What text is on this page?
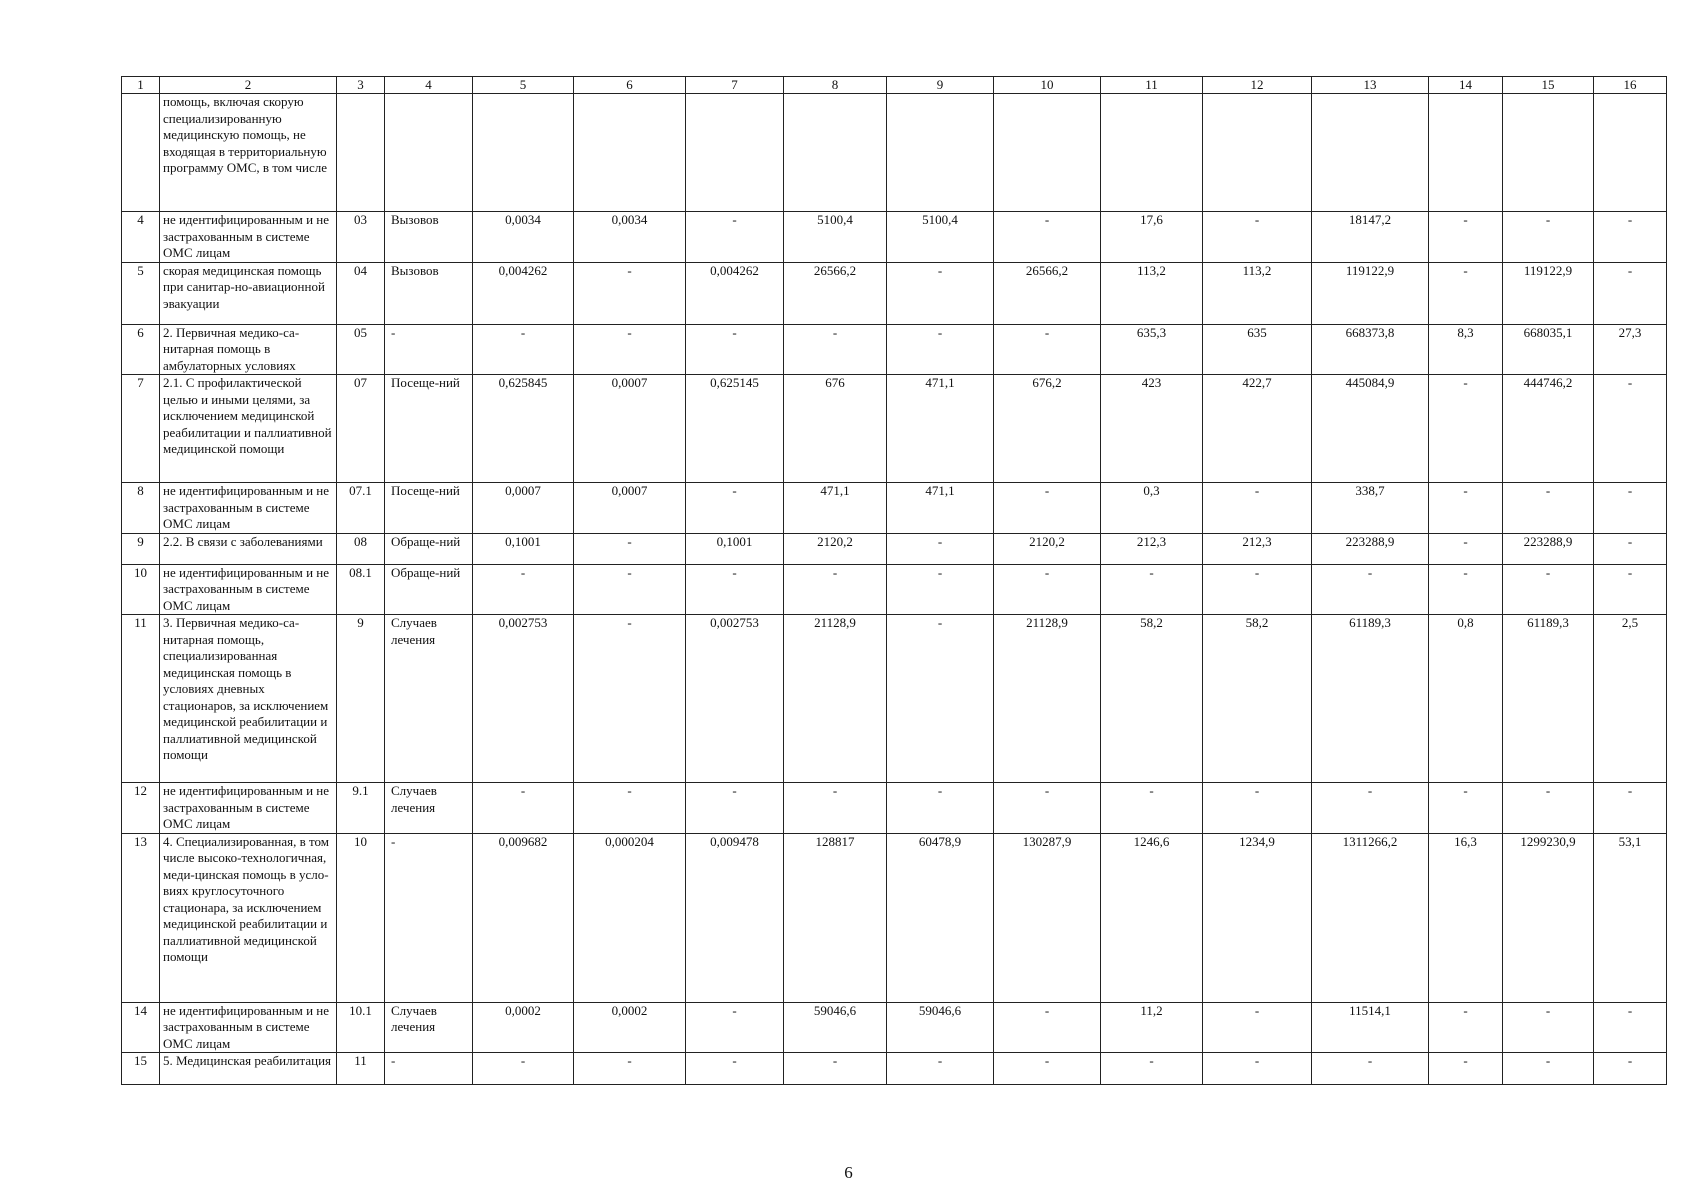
1	2	3	4	5	6	7	8	9	10	11	12	13	14	15	16
	помощь, включая скорую специализированную медицинскую помощь, не входящая в территориальную программу ОМС, в том числе														
4	не идентифицированным и не застрахованным в системе ОМС лицам	03	Вызовов	0,0034	0,0034	-	5100,4	5100,4	-	17,6	-	18147,2	-	-	-
5	скорая медицинская помощь при санитар-но-авиационной эвакуации	04	Вызовов	0,004262	-	0,004262	26566,2	-	26566,2	113,2	113,2	119122,9	-	119122,9	-
6	2. Первичная медико-са-нитарная помощь в амбулаторных условиях	05	-	-	-	-	-	-	-	635,3	635	668373,8	8,3	668035,1	27,3
7	2.1. С профилактической целью и иными целями, за исключением медицинской реабилитации и паллиативной медицинской помощи	07	Посеще-ний	0,625845	0,0007	0,625145	676	471,1	676,2	423	422,7	445084,9	-	444746,2	-
8	не идентифицированным и не застрахованным в системе ОМС лицам	07.1	Посеще-ний	0,0007	0,0007	-	471,1	471,1	-	0,3	-	338,7	-	-	-
9	2.2. В связи с заболеваниями	08	Обраще-ний	0,1001	-	0,1001	2120,2	-	2120,2	212,3	212,3	223288,9	-	223288,9	-
10	не идентифицированным и не застрахованным в системе ОМС лицам	08.1	Обраще-ний	-	-	-	-	-	-	-	-	-	-	-	-
11	3. Первичная медико-са-нитарная помощь, специализированная медицинская помощь в условиях дневных стационаров, за исключением медицинской реабилитации и паллиативной медицинской помощи	9	Случаев лечения	0,002753	-	0,002753	21128,9	-	21128,9	58,2	58,2	61189,3	0,8	61189,3	2,5
12	не идентифицированным и не застрахованным в системе ОМС лицам	9.1	Случаев лечения	-	-	-	-	-	-	-	-	-	-	-	-
13	4. Специализированная, в том числе высоко-технологичная, меди-цинская помощь в усло-виях круглосуточного стационара, за исключением медицинской реабилитации и паллиативной медицинской помощи	10	-	0,009682	0,000204	0,009478	128817	60478,9	130287,9	1246,6	1234,9	1311266,2	16,3	1299230,9	53,1
14	не идентифицированным и не застрахованным в системе ОМС лицам	10.1	Случаев лечения	0,0002	0,0002	-	59046,6	59046,6	-	11,2	-	11514,1	-	-	-
15	5. Медицинская реабилитация	11	-	-	-	-	-	-	-	-	-	-	-	-	-
6
